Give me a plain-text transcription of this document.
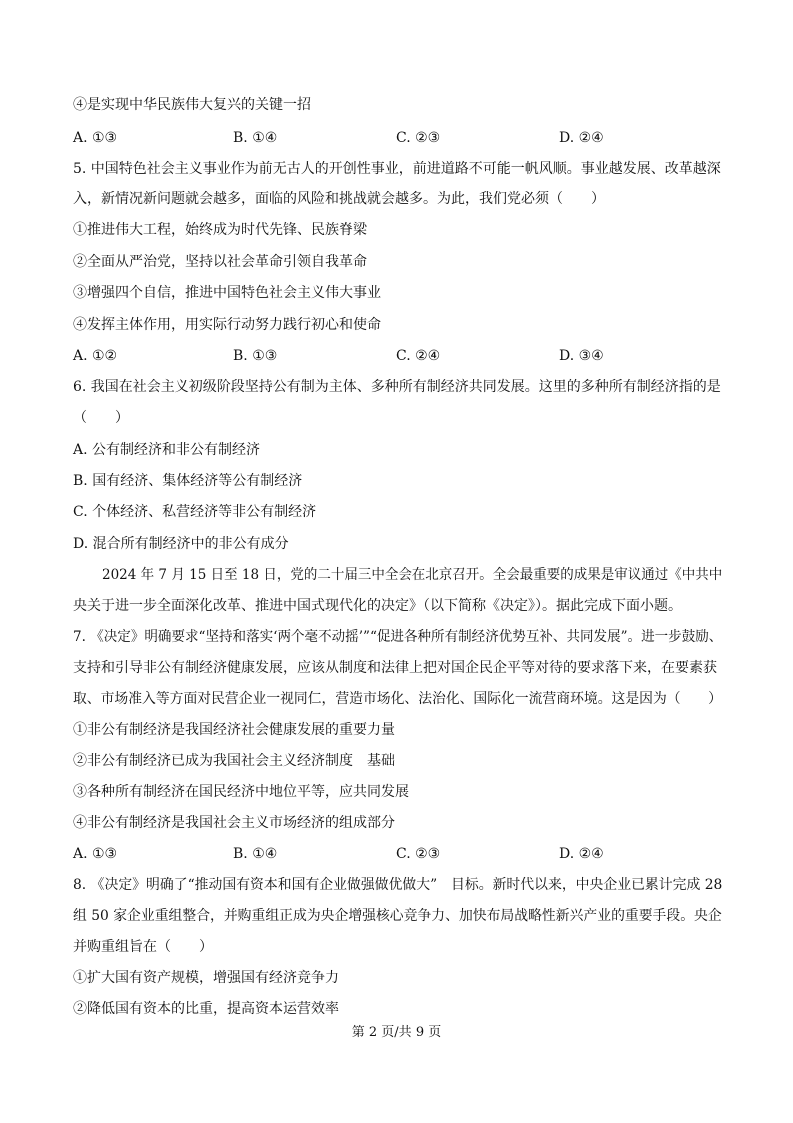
④是实现中华民族伟大复兴的关键一招
A. ①③	B. ①④	C. ②③	D. ②④
5. 中国特色社会主义事业作为前无古人的开创性事业，前进道路不可能一帆风顺。事业越发展、改革越深
入，新情况新问题就会越多，面临的风险和挑战就会越多。为此，我们党必须（　　）
①推进伟大工程，始终成为时代先锋、民族脊梁
②全面从严治党，坚持以社会革命引领自我革命
③增强四个自信，推进中国特色社会主义伟大事业
④发挥主体作用，用实际行动努力践行初心和使命
A. ①②	B. ①③	C. ②④	D. ③④
6. 我国在社会主义初级阶段坚持公有制为主体、多种所有制经济共同发展。这里的多种所有制经济指的是
（　　）
A. 公有制经济和非公有制经济
B. 国有经济、集体经济等公有制经济
C. 个体经济、私营经济等非公有制经济
D. 混合所有制经济中的非公有成分
2024 年 7 月 15 日至 18 日，党的二十届三中全会在北京召开。全会最重要的成果是审议通过《中共中
央关于进一步全面深化改革、推进中国式现代化的决定》（以下简称《决定》）。据此完成下面小题。
7. 《决定》明确要求“坚持和落实‘两个毫不动摇’”“促进各种所有制经济优势互补、共同发展”。进一步鼓励、
支持和引导非公有制经济健康发展，应该从制度和法律上把对国企民企平等对待的要求落下来，在要素获
取、市场准入等方面对民营企业一视同仁，营造市场化、法治化、国际化一流营商环境。这是因为（　　）
①非公有制经济是我国经济社会健康发展的重要力量
②非公有制经济已成为我国社会主义经济制度　基础
③各种所有制经济在国民经济中地位平等，应共同发展
④非公有制经济是我国社会主义市场经济的组成部分
A. ①③	B. ①④	C. ②③	D. ②④
8. 《决定》明确了“推动国有资本和国有企业做强做优做大”　目标。新时代以来，中央企业已累计完成 28
组 50 家企业重组整合，并购重组正成为央企增强核心竞争力、加快布局战略性新兴产业的重要手段。央企
并购重组旨在（　　）
①扩大国有资产规模，增强国有经济竞争力
②降低国有资本的比重，提高资本运营效率
第 2 页/共 9 页
